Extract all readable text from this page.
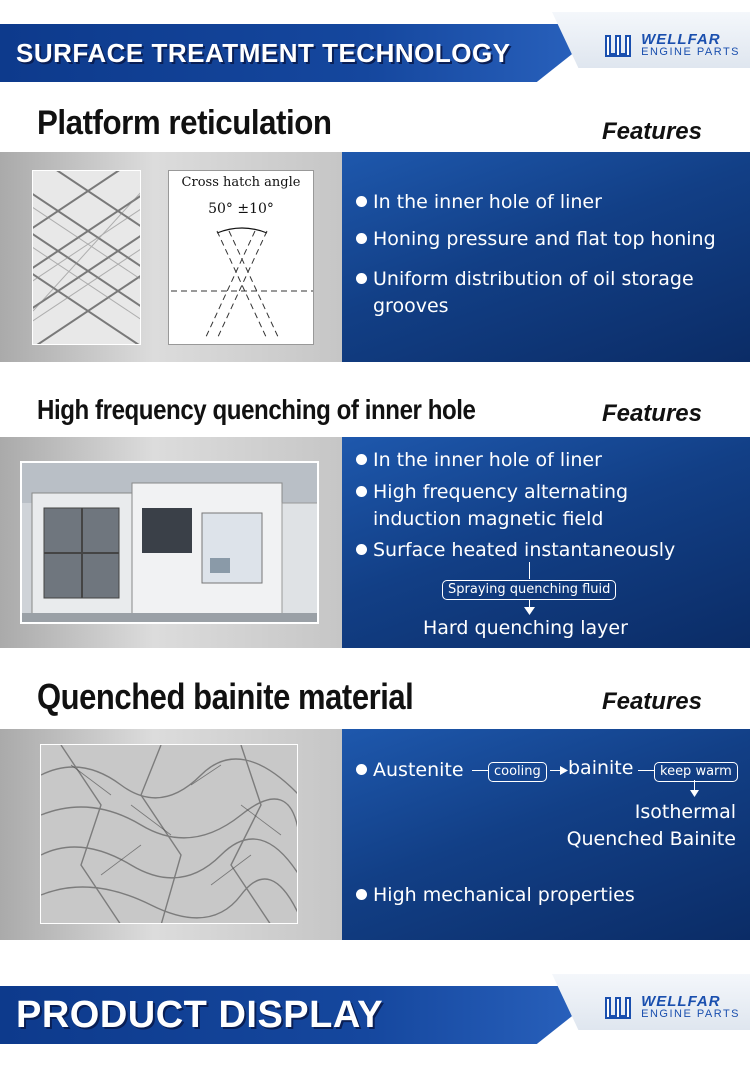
SURFACE TREATMENT TECHNOLOGY	WELLFAR
ENGINE PARTS
Platform reticulation	Features
Cross hatch angle
50° ±10°	In the inner hole of liner
Honing pressure and flat top honing
Uniform distribution of oil storage
grooves
High frequency quenching of inner hole	Features
In the inner hole of liner
High frequency alternating
induction magnetic field
Surface heated instantaneously
Spraying quenching fluid
Hard quenching layer
Quenched bainite material	Features
Austenite	cooling	bainite	keep warm
Isothermal
Quenched Bainite
High mechanical properties
PRODUCT DISPLAY	WELLFAR
ENGINE PARTS
